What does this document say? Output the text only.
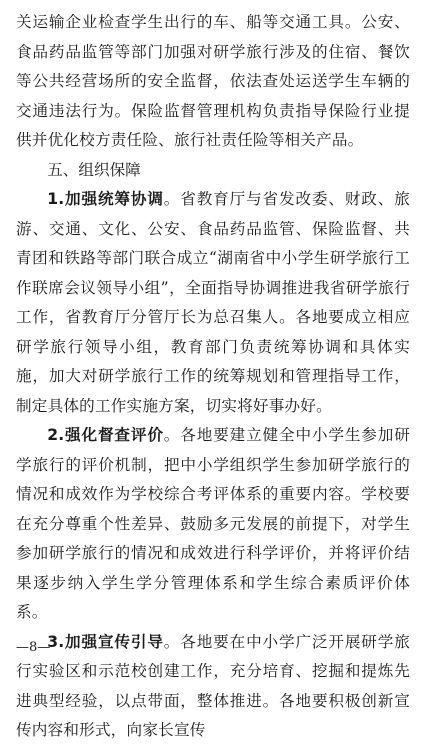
关运输企业检查学生出行的车、船等交通工具。公安、食品药品监管等部门加强对研学旅行涉及的住宿、餐饮等公共经营场所的安全监督，依法查处运送学生车辆的交通违法行为。保险监督管理机构负责指导保险行业提供并优化校方责任险、旅行社责任险等相关产品。

五、组织保障

1.加强统筹协调。省教育厅与省发改委、财政、旅游、交通、文化、公安、食品药品监管、保险监督、共青团和铁路等部门联合成立“湖南省中小学生研学旅行工作联席会议领导小组”，全面指导协调推进我省研学旅行工作，省教育厅分管厅长为总召集人。各地要成立相应研学旅行领导小组，教育部门负责统筹协调和具体实施，加大对研学旅行工作的统筹规划和管理指导工作，制定具体的工作实施方案，切实将好事办好。

2.强化督查评价。各地要建立健全中小学生参加研学旅行的评价机制，把中小学组织学生参加研学旅行的情况和成效作为学校综合考评体系的重要内容。学校要在充分尊重个性差异、鼓励多元发展的前提下，对学生参加研学旅行的情况和成效进行科学评价，并将评价结果逐步纳入学生学分管理体系和学生综合素质评价体系。

3.加强宣传引导。各地要在中小学广泛开展研学旅行实验区和示范校创建工作，充分培育、挖掘和提炼先进典型经验，以点带面，整体推进。各地要积极创新宣传内容和形式，向家长宣传

—8—
